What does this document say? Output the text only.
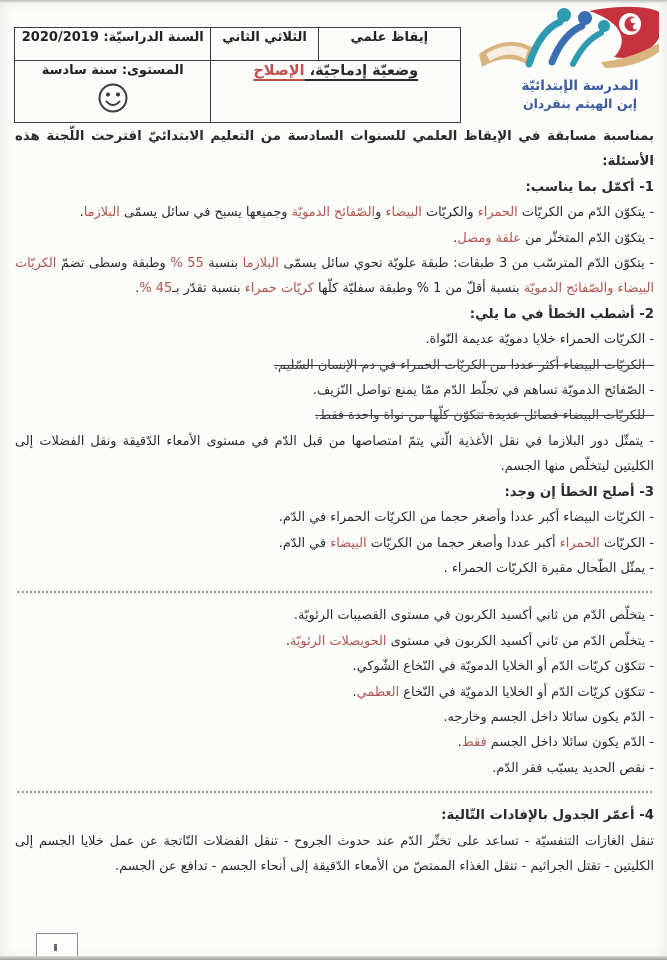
المدرسة الإبتدائيّة
إبن الهيثم بنقردان
إيقاظ علمي	الثلاثي الثاني	السنة الدراسيّة: 2020/2019
وضعيّة إدماجيّة، الإصلاح		المستوى: سنة سادسة

بمناسبة مسابقة في الإيقاظ العلمي للسنوات السادسة من التعليم الابتدائيّ اقترحت اللّجنة هذه الأسئلة:

1- أكمّل بما يناسب:

- يتكوّن الدّم من الكريّات الحمراء والكريّات البيضاء والصّفائح الدمويّة وجميعها يسبح في سائل يسمّى البلازما.

- يتكوّن الدّم المتخثّر من علقة ومصل.

- يتكوّن الدّم المترسّب من 3 طبقات: طبقة علويّة تحوي سائل يسمّى البلازما بنسبة 55 % وطبقة وسطى تضمّ الكريّات البيضاء والصّفائح الدمويّة بنسبة أقلّ من 1 % وطبقة سفليّة كلّها كريّات حمراء بنسبة تقدّر بـ45 %.

2- أشطب الخطأ في ما يلي:

- الكريّات الحمراء خلايا دمويّة عديمة النّواة.

- الكريّات البيضاء أكثر عددا من الكريّات الحمراء في دم الإنسان السّليم.

- الصّفائح الدمويّة تساهم في تجلّط الدّم ممّا يمنع تواصل النّزيف.

- للكريّات البيضاء فصائل عديدة تتكوّن كلّها من نواة واحدة فقط.

- يتمثّل دور البلازما في نقل الأغذية الّتي يتمّ امتصاصها من قبل الدّم في مستوى الأمعاء الدّقيقة ونقل الفضلات إلى الكليتين ليتخلّص منها الجسم.

3- أصلح الخطأ إن وجد:

- الكريّات البيضاء أكبر عددا وأصغر حجما من الكريّات الحمراء في الدّم.

- الكريّات الحمراء أكبر عددا وأصغر حجما من الكريّات البيضاء في الدّم.

- يمثّل الطّحال مقبرة الكريّات الحمراء .

- يتخلّص الدّم من ثاني أكسيد الكربون في مستوى القصيبات الرئويّة.

- يتخلّص الدّم من ثاني أكسيد الكربون في مستوى الحويصلات الرئويّة.

- تتكوّن كريّات الدّم أو الخلايا الدمويّة في النّخاع الشّوكي.

- تتكوّن كريّات الدّم أو الخلايا الدمويّة في النّخاع العظمي.

- الدّم يكون سائلا داخل الجسم وخارجه.

- الدّم يكون سائلا داخل الجسم فقط.

- نقص الحديد يسبّب فقر الدّم.

4- أعمّر الجدول بالإفادات التّالية:

تنقل الغازات التنفسيّة - تساعد على تخثّر الدّم عند حدوث الجروح - تنقل الفضلات النّاتجة عن عمل خلايا الجسم إلى الكليتين - تقتل الجراثيم - تنقل الغذاء الممتصّ من الأمعاء الدّقيقة إلى أنحاء الجسم - تدافع عن الجسم.
